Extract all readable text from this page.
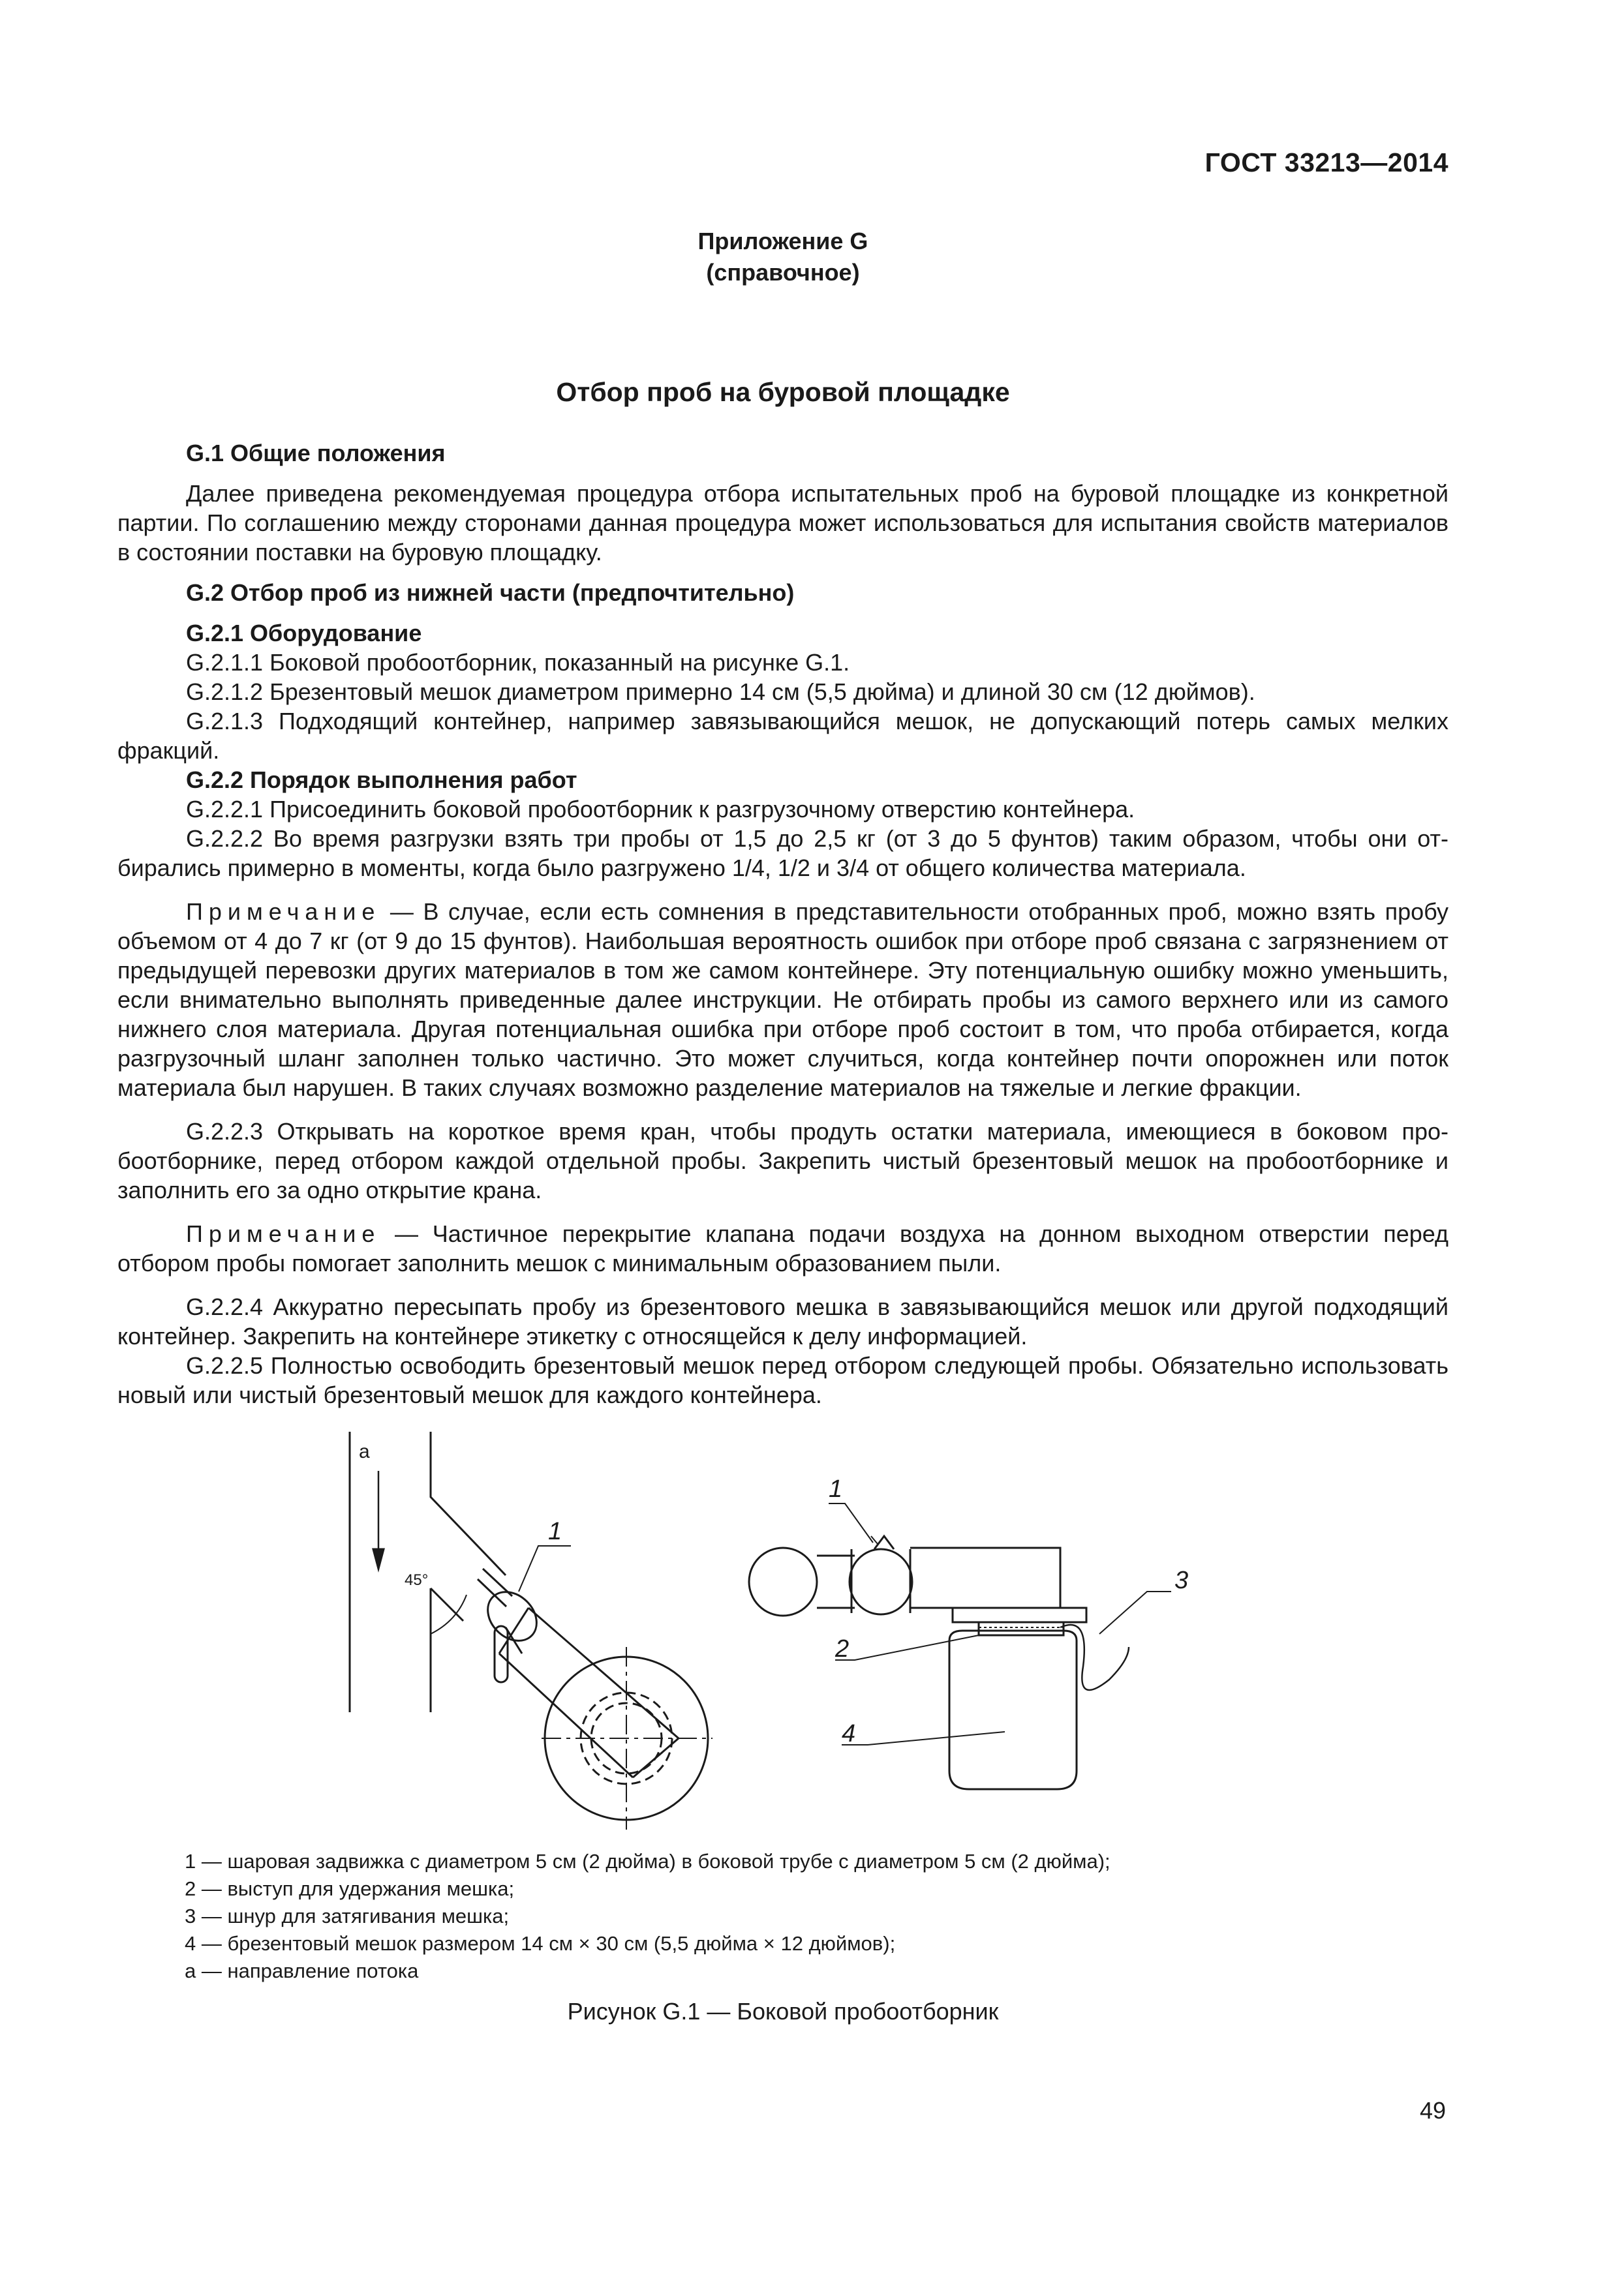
ГОСТ 33213—2014
Приложение G
(справочное)
Отбор проб на буровой площадке

G.1 Общие положения

Далее приведена рекомендуемая процедура отбора испытательных проб на буровой площадке из конкретной партии. По соглашению между сторонами данная процедура может использоваться для испытания свойств материалов в состоянии поставки на буровую площадку.

G.2 Отбор проб из нижней части (предпочтительно)

G.2.1 Оборудование

G.2.1.1 Боковой пробоотборник, показанный на рисунке G.1.

G.2.1.2 Брезентовый мешок диаметром примерно 14 см (5,5 дюйма) и длиной 30 см (12 дюймов).

G.2.1.3 Подходящий контейнер, например завязывающийся мешок, не допускающий потерь самых мелких фракций.

G.2.2 Порядок выполнения работ

G.2.2.1 Присоединить боковой пробоотборник к разгрузочному отверстию контейнера.

G.2.2.2 Во время разгрузки взять три пробы от 1,5 до 2,5 кг (от 3 до 5 фунтов) таким образом, чтобы они отбирались примерно в моменты, когда было разгружено 1/4, 1/2 и 3/4 от общего количества материала.

Примечание — В случае, если есть сомнения в представительности отобранных проб, можно взять пробу объемом от 4 до 7 кг (от 9 до 15 фунтов). Наибольшая вероятность ошибок при отборе проб связана с загрязнением от предыдущей перевозки других материалов в том же самом контейнере. Эту потенциальную ошибку можно уменьшить, если внимательно выполнять приведенные далее инструкции. Не отбирать пробы из самого верхнего или из самого нижнего слоя материала. Другая потенциальная ошибка при отборе проб состоит в том, что проба отбирается, когда разгрузочный шланг заполнен только частично. Это может случиться, когда контейнер почти опорожнен или поток материала был нарушен. В таких случаях возможно разделение материалов на тяжелые и легкие фракции.

G.2.2.3 Открывать на короткое время кран, чтобы продуть остатки материала, имеющиеся в боковом пробоотборнике, перед отбором каждой отдельной пробы. Закрепить чистый брезентовый мешок на пробоотборнике и заполнить его за одно открытие крана.

Примечание — Частичное перекрытие клапана подачи воздуха на донном выходном отверстии перед отбором пробы помогает заполнить мешок с минимальным образованием пыли.

G.2.2.4 Аккуратно пересыпать пробу из брезентового мешка в завязывающийся мешок или другой подходящий контейнер. Закрепить на контейнере этикетку с относящейся к делу информацией.

G.2.2.5 Полностью освободить брезентовый мешок перед отбором следующей пробы. Обязательно использовать новый или чистый брезентовый мешок для каждого контейнера.

а
45°
1
1
2
3
4
1 — шаровая задвижка с диаметром 5 см (2 дюйма) в боковой трубе с диаметром 5 см (2 дюйма);
2 — выступ для удержания мешка;
3 — шнур для затягивания мешка;
4 — брезентовый мешок размером 14 см × 30 см (5,5 дюйма × 12 дюймов);
а — направление потока
Рисунок G.1 — Боковой пробоотборник
49
